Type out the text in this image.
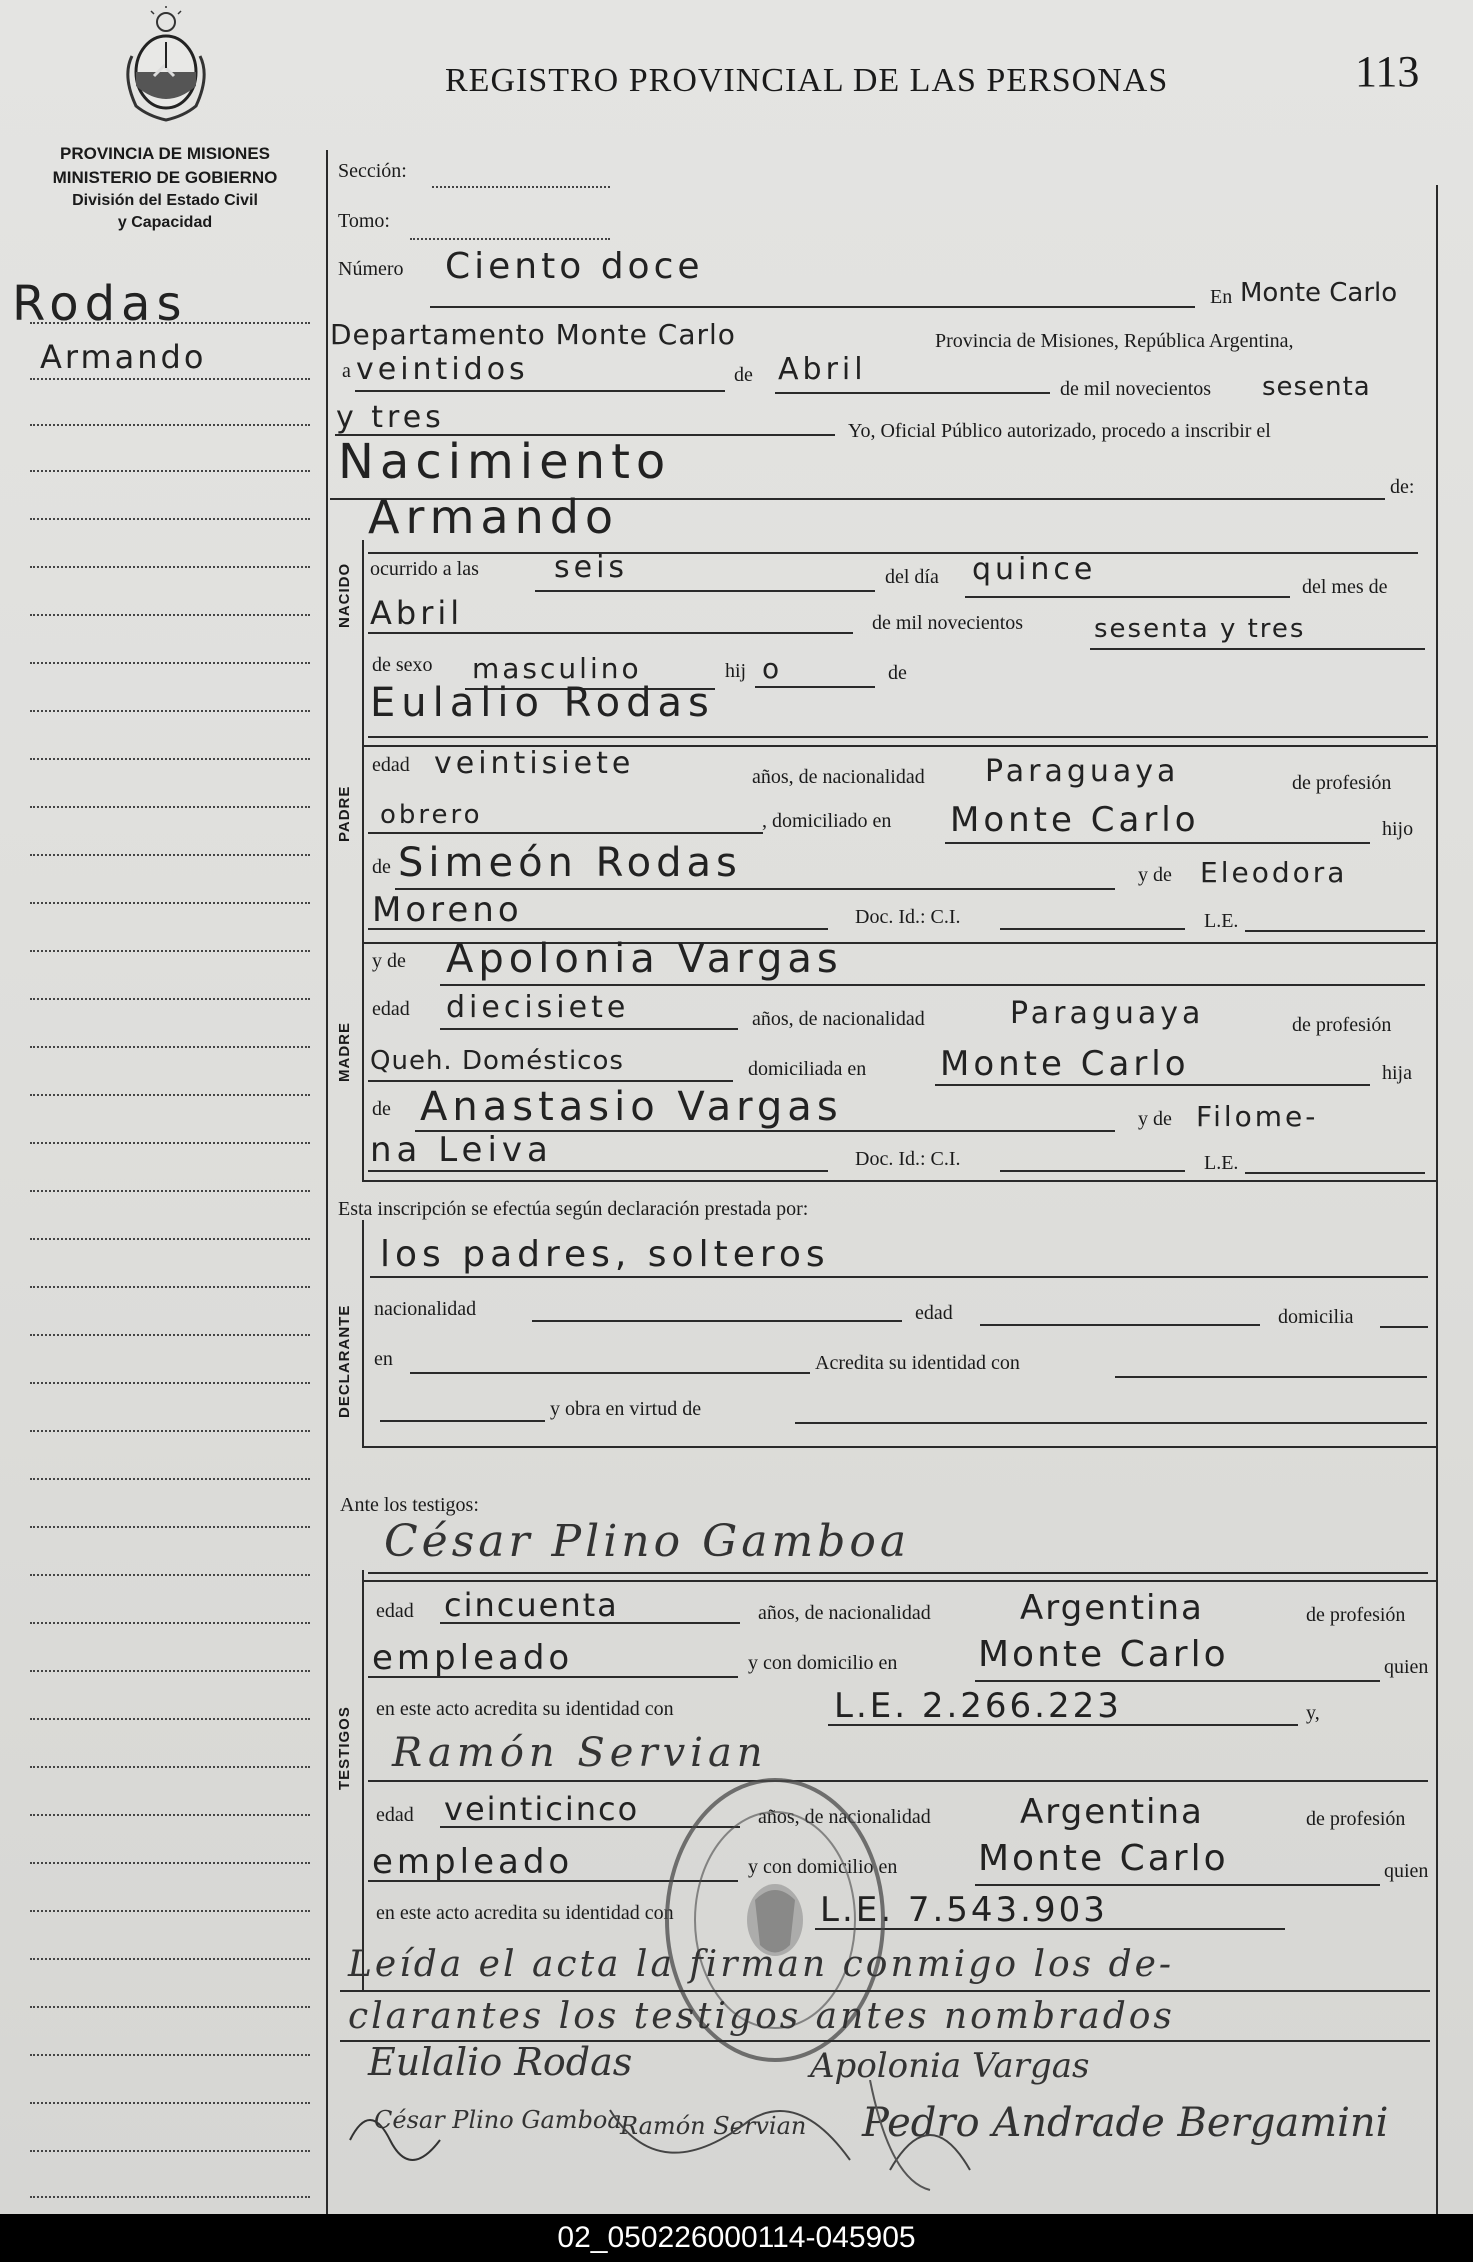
REGISTRO PROVINCIAL DE LAS PERSONAS	113
PROVINCIA DE MISIONES
MINISTERIO DE GOBIERNO
División del Estado Civil
y Capacidad
Rodas
Armando
Sección:
Tomo:
Número Ciento doce
En Monte Carlo
Departamento Monte Carlo	Provincia de Misiones, República Argentina,
a veintidos	de Abril
de mil novecientos sesenta
y tres	Yo, Oficial Público autorizado, procedo a inscribir el
Nacimiento	de:
Armando
NACIDO ocurrido a las	seis	del día quince	del mes de
Abril	de mil novecientos	sesenta y tres
de sexo masculino	hij o	de
Eulalio Rodas
PADRE
edad veintisiete	años, de nacionalidad Paraguaya	de profesión
obrero	, domiciliado en Monte Carlo	hijo
de Simeón Rodas	y de Eleodora
Moreno	Doc. Id.: C.I.	L.E.
y de Apolonia Vargas
MADRE
edad diecisiete	años, de nacionalidad	Paraguaya	de profesión
Queh. Domésticos	domiciliada en Monte Carlo	hija
de Anastasio Vargas	y de Filome-
na Leiva	Doc. Id.: C.I.	L.E.
Esta inscripción se efectúa según declaración prestada por:
los padres, solteros
DECLARANTE nacionalidad	edad	domicilia
en	Acredita su identidad con
y obra en virtud de
Ante los testigos:
César Plino Gamboa
TESTIGOS
edad cincuenta	años, de nacionalidad	Argentina	de profesión
empleado	y con domicilio en Monte Carlo	quien
en este acto acredita su identidad con	L.E. 2.266.223	y,
Ramón Servian
edad veinticinco	años, de nacionalidad	Argentina	de profesión
empleado	y con domicilio en Monte Carlo	quien
en este acto acredita su identidad con	L.E. 7.543.903
Leída el acta la firman conmigo los de-
clarantes los testigos antes nombrados
Eulalio Rodas	Apolonia Vargas
César Plino Gamboa
Ramón Servian Pedro Andrade Bergamini
02_050226000114-045905
